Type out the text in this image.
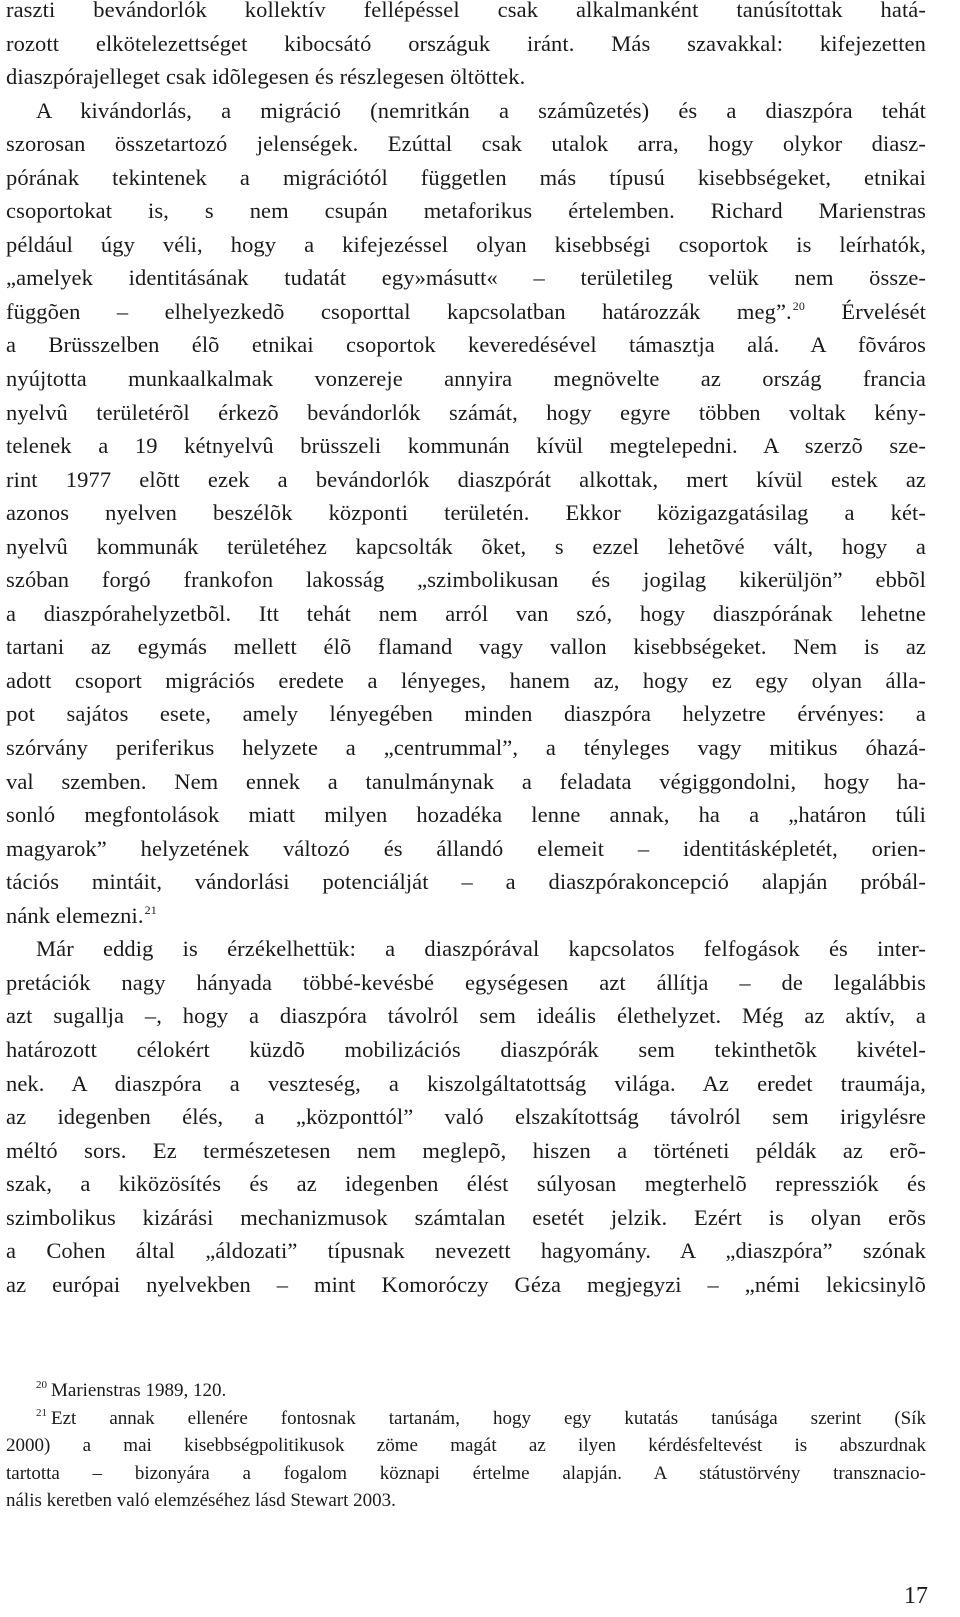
raszti bevándorlók kollektív fellépéssel csak alkalmanként tanúsítottak hatá-
rozott elkötelezettséget kibocsátó országuk iránt. Más szavakkal: kifejezetten
diaszpórajelleget csak idõlegesen és részlegesen öltöttek.
A kivándorlás, a migráció (nemritkán a számûzetés) és a diaszpóra tehát
szorosan összetartozó jelenségek. Ezúttal csak utalok arra, hogy olykor diasz-
pórának tekintenek a migrációtól független más típusú kisebbségeket, etnikai
csoportokat is, s nem csupán metaforikus értelemben. Richard Marienstras
például úgy véli, hogy a kifejezéssel olyan kisebbségi csoportok is leírhatók,
„amelyek identitásának tudatát egy»másutt« – területileg velük nem össze-
függõen – elhelyezkedõ csoporttal kapcsolatban határozzák meg”.$^{20}$ Érvelését
a Brüsszelben élõ etnikai csoportok keveredésével támasztja alá. A fõváros
nyújtotta munkaalkalmak vonzereje annyira megnövelte az ország francia
nyelvû területérõl érkezõ bevándorlók számát, hogy egyre többen voltak kény-
telenek a 19 kétnyelvû brüsszeli kommunán kívül megtelepedni. A szerzõ sze-
rint 1977 elõtt ezek a bevándorlók diaszpórát alkottak, mert kívül estek az
azonos nyelven beszélõk központi területén. Ekkor közigazgatásilag a két-
nyelvû kommunák területéhez kapcsolták õket, s ezzel lehetõvé vált, hogy a
szóban forgó frankofon lakosság „szimbolikusan és jogilag kikerüljön” ebbõl
a diaszpórahelyzetbõl. Itt tehát nem arról van szó, hogy diaszpórának lehetne
tartani az egymás mellett élõ flamand vagy vallon kisebbségeket. Nem is az
adott csoport migrációs eredete a lényeges, hanem az, hogy ez egy olyan álla-
pot sajátos esete, amely lényegében minden diaszpóra helyzetre érvényes: a
szórvány periferikus helyzete a „centrummal”, a tényleges vagy mitikus óhazá-
val szemben. Nem ennek a tanulmánynak a feladata végiggondolni, hogy ha-
sonló megfontolások miatt milyen hozadéka lenne annak, ha a „határon túli
magyarok” helyzetének változó és állandó elemeit – identitásképletét, orien-
tációs mintáit, vándorlási potenciálját – a diaszpórakoncepció alapján próbál-
nánk elemezni.$^{21}$
Már eddig is érzékelhettük: a diaszpórával kapcsolatos felfogások és inter-
pretációk nagy hányada többé-kevésbé egységesen azt állítja – de legalábbis
azt sugallja –, hogy a diaszpóra távolról sem ideális élethelyzet. Még az aktív, a
határozott célokért küzdõ mobilizációs diaszpórák sem tekinthetõk kivétel-
nek. A diaszpóra a veszteség, a kiszolgáltatottság világa. Az eredet traumája,
az idegenben élés, a „központtól” való elszakítottság távolról sem irigylésre
méltó sors. Ez természetesen nem meglepõ, hiszen a történeti példák az erõ-
szak, a kiközösítés és az idegenben élést súlyosan megterhelõ repressziók és
szimbolikus kizárási mechanizmusok számtalan esetét jelzik. Ezért is olyan erõs
a Cohen által „áldozati” típusnak nevezett hagyomány. A „diaszpóra” szónak
az európai nyelvekben – mint Komoróczy Géza megjegyzi – „némi lekicsinylõ
$^{20}$ Marienstras 1989, 120.
$^{21}$ Ezt annak ellenére fontosnak tartanám, hogy egy kutatás tanúsága szerint (Sík
2000) a mai kisebbségpolitikusok zöme magát az ilyen kérdésfeltevést is abszurdnak
tartotta – bizonyára a fogalom köznapi értelme alapján. A státustörvény transznacio-
nális keretben való elemzéséhez lásd Stewart 2003.
17
